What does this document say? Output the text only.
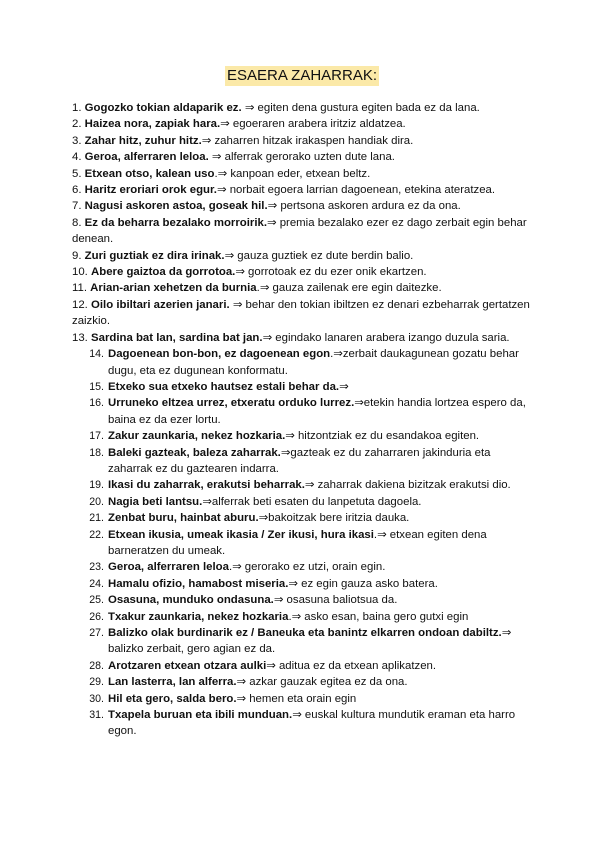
ESAERA ZAHARRAK:
1. Gogozko tokian aldaparik ez. ⇒ egiten dena gustura egiten bada ez da lana.
2. Haizea nora, zapiak hara.⇒ egoeraren arabera iritziz aldatzea.
3. Zahar hitz, zuhur hitz.⇒ zaharren hitzak irakaspen handiak dira.
4. Geroa, alferraren leloa. ⇒ alferrak gerorako uzten dute lana.
5. Etxean otso, kalean uso.⇒ kanpoan eder, etxean beltz.
6. Haritz eroriari orok egur.⇒ norbait egoera larrian dagoenean, etekina ateratzea.
7. Nagusi askoren astoa, goseak hil.⇒ pertsona askoren ardura ez da ona.
8. Ez da beharra bezalako morroirik.⇒ premia bezalako ezer ez dago zerbait egin behar denean.
9. Zuri guztiak ez dira irinak.⇒ gauza guztiek ez dute berdin balio.
10. Abere gaiztoa da gorrotoa.⇒ gorrotoak ez du ezer onik ekartzen.
11. Arian-arian xehetzen da burnia.⇒ gauza zailenak ere egin daitezke.
12. Oilo ibiltari azerien janari. ⇒ behar den tokian ibiltzen ez denari ezbeharrak gertatzen zaizkio.
13. Sardina bat lan, sardina bat jan.⇒ egindako lanaren arabera izango duzula saria.
14. Dagoenean bon-bon, ez dagoenean egon.⇒zerbait daukagunean gozatu behar dugu, eta ez dugunean konformatu.
15. Etxeko sua etxeko hautsez estali behar da.⇒
16. Urruneko eltzea urrez, etxeratu orduko lurrez.⇒etekin handia lortzea espero da, baina ez da ezer lortu.
17. Zakur zaunkaria, nekez hozkaria.⇒ hitzontziak ez du esandakoa egiten.
18. Baleki gazteak, baleza zaharrak.⇒gazteak ez du zaharraren jakinduria eta zaharrak ez du gaztearen indarra.
19. Ikasi du zaharrak, erakutsi beharrak.⇒ zaharrak dakiena bizitzak erakutsi dio.
20. Nagia beti lantsu.⇒alferrak beti esaten du lanpetuta dagoela.
21. Zenbat buru, hainbat aburu.⇒bakoitzak bere iritzia dauka.
22. Etxean ikusia, umeak ikasia / Zer ikusi, hura ikasi.⇒ etxean egiten dena barneratzen du umeak.
23. Geroa, alferraren leloa.⇒ gerorako ez utzi, orain egin.
24. Hamalu ofizio, hamabost miseria.⇒ ez egin gauza asko batera.
25. Osasuna, munduko ondasuna.⇒ osasuna baliotsua da.
26. Txakur zaunkaria, nekez hozkaria.⇒ asko esan, baina gero gutxi egin
27. Balizko olak burdinarik ez / Baneuka eta banintz elkarren ondoan dabiltz.⇒ balizko zerbait, gero agian ez da.
28. Arotzaren etxean otzara aulki⇒ aditua ez da etxean aplikatzen.
29. Lan lasterra, lan alferra.⇒ azkar gauzak egitea ez da ona.
30. Hil eta gero, salda bero.⇒ hemen eta orain egin
31. Txapela buruan eta ibili munduan.⇒ euskal kultura mundutik eraman eta harro egon.
